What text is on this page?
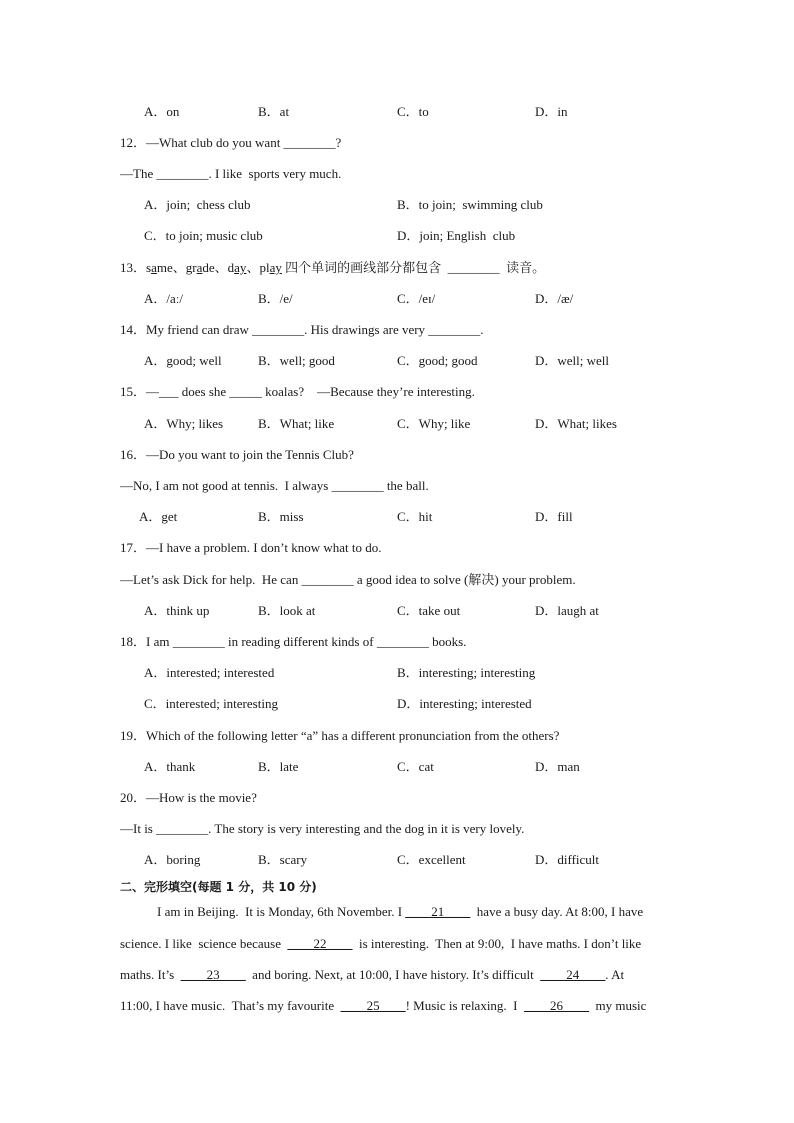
A．on	B．at	C．to	D．in
12．—What club do you want ________?
—The ________. I like  sports very much.
A．join;  chess club	B．to join;  swimming club
C．to join; music club	D．join; English  club
13．same、grade、day、play 四个单词的画线部分都包含  ________  读音。
A．/aː/	B．/e/	C．/eɪ/	D．/æ/
14．My friend can draw ________. His drawings are very ________.
A．good; well	B．well; good	C．good; good	D．well; well
15．—___ does she _____ koalas?    —Because they’re interesting.
A．Why; likes	B．What; like	C．Why; like	D．What; likes
16．—Do you want to join the Tennis Club?
—No, I am not good at tennis.  I always ________ the ball.
A．get	B．miss	C．hit	D．fill
17．—I have a problem. I don’t know what to do.
—Let’s ask Dick for help.  He can ________ a good idea to solve (解决) your problem.
A．think up	B．look at	C．take out	D．laugh at
18．I am ________ in reading different kinds of ________ books.
A．interested; interested	B．interesting; interesting
C．interested; interesting	D．interesting; interested
19．Which of the following letter “a” has a different pronunciation from the others?
A．thank	B．late	C．cat	D．man
20．—How is the movie?
—It is ________. The story is very interesting and the dog in it is very lovely.
A．boring	B．scary	C．excellent	D．difficult
二、完形填空(每题 1 分，共 10 分)
I am in Beijing.  It is Monday, 6th November. I ____21____  have a busy day. At 8:00, I have
science. I like  science because  ____22____  is interesting.  Then at 9:00,  I have maths. I don’t like
maths. It’s  ____23____  and boring. Next, at 10:00, I have history. It’s difficult  ____24____. At
11:00, I have music.  That’s my favourite  ____25____! Music is relaxing.  I  ____26____  my music
